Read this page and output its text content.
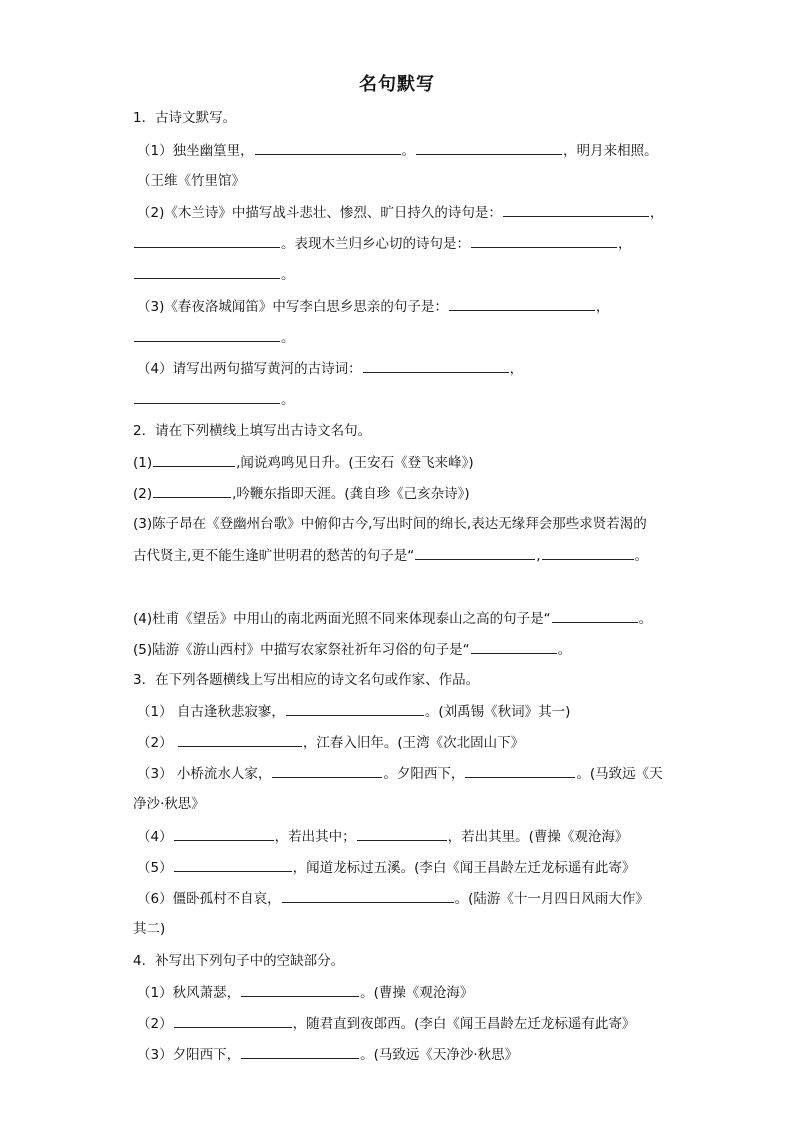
名句默写
1．古诗文默写。
（1）独坐幽篁里，	。	，明月来相照。
（王维《竹里馆》
（2)《木兰诗》中描写战斗悲壮、惨烈、旷日持久的诗句是：	，
。表现木兰归乡心切的诗句是：	，
。
（3)《春夜洛城闻笛》中写李白思乡思亲的句子是：	，
。
（4）请写出两句描写黄河的古诗词：	，
。
2．请在下列横线上填写出古诗文名句。
(1)	,闻说鸡鸣见日升。(王安石《登飞来峰》)
(2)	,吟鞭东指即天涯。(龚自珍《己亥杂诗》)
(3)陈子昂在《登幽州台歌》中俯仰古今,写出时间的绵长,表达无缘拜会那些求贤若渴的
古代贤主,更不能生逢旷世明君的愁苦的句子是“	,	。
(4)杜甫《望岳》中用山的南北两面光照不同来体现泰山之高的句子是“	。
(5)陆游《游山西村》中描写农家祭社祈年习俗的句子是“	。
3．在下列各题横线上写出相应的诗文名句或作家、作品。
（1） 自古逢秋悲寂寥，	。(刘禹锡《秋词》其一)
（2）	，江春入旧年。(王湾《次北固山下》
（3） 小桥流水人家，	。夕阳西下，	。(马致远《天
净沙·秋思》
（4）	，若出其中；	，若出其里。(曹操《观沧海》
（5）	，闻道龙标过五溪。(李白《闻王昌龄左迁龙标遥有此寄》
（6）僵卧孤村不自哀，	。(陆游《十一月四日风雨大作》
其二)
4．补写出下列句子中的空缺部分。
（1）秋风萧瑟，	。(曹操《观沧海》
（2）	，随君直到夜郎西。(李白《闻王昌龄左迁龙标遥有此寄》
（3）夕阳西下，	。(马致远《天净沙·秋思》
